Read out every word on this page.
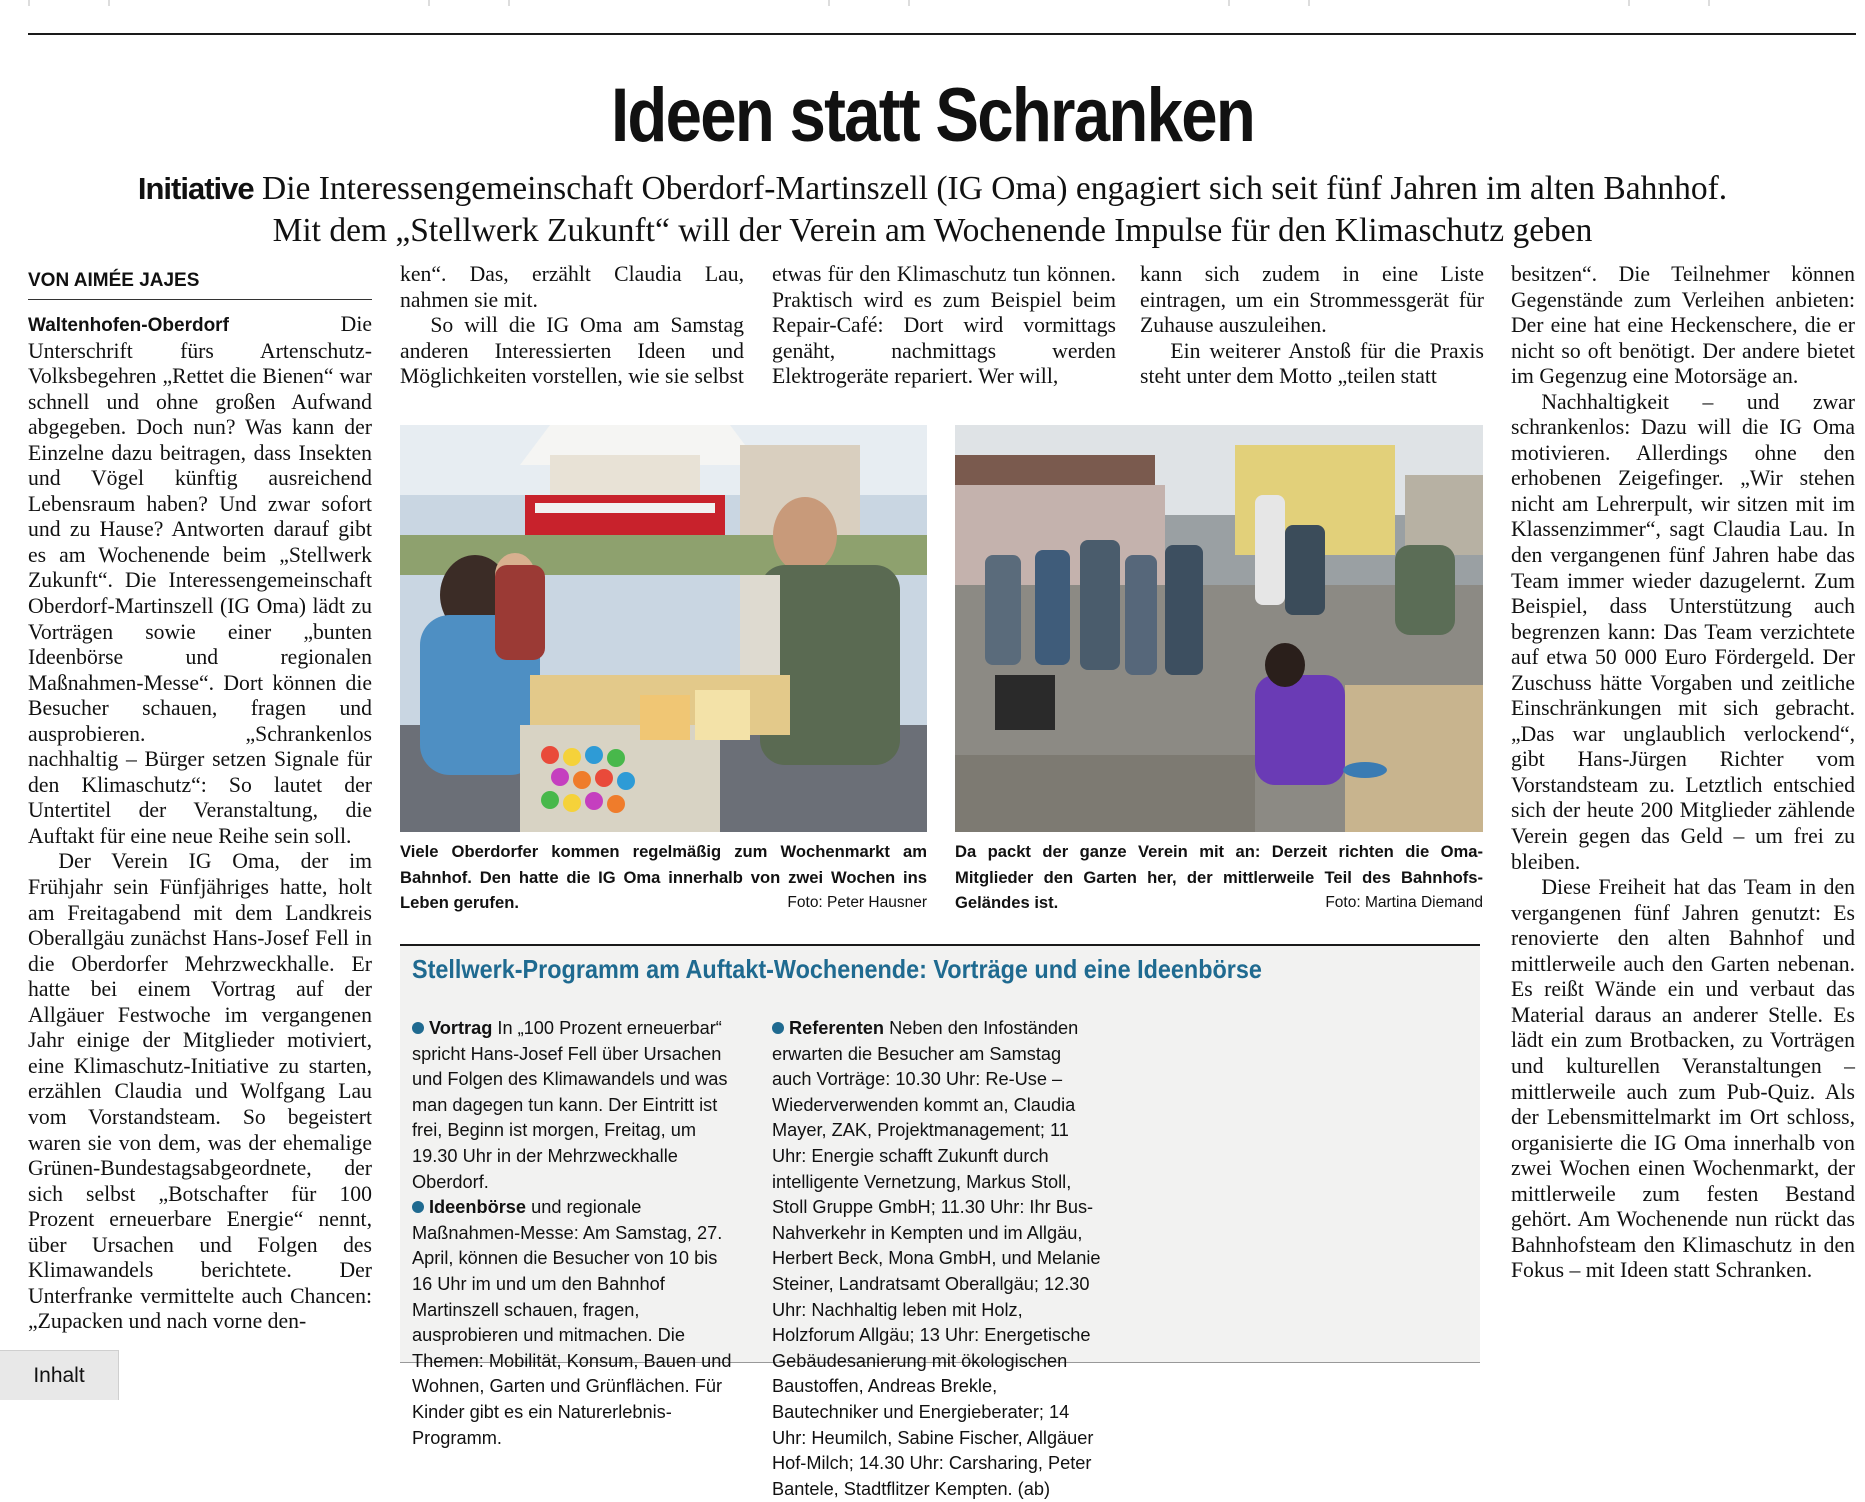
Ideen statt Schranken
Initiative Die Interessengemeinschaft Oberdorf-Martinszell (IG Oma) engagiert sich seit fünf Jahren im alten Bahnhof.
Mit dem „Stellwerk Zukunft“ will der Verein am Wochenende Impulse für den Klimaschutz geben
VON AIMÉE JAJES

Waltenhofen-Oberdorf	Die Unterschrift fürs Artenschutz-Volksbegehren „Rettet die Bienen“ war schnell und ohne großen Aufwand abgegeben. Doch nun? Was kann der Einzelne dazu beitragen, dass Insekten und Vögel künftig ausreichend Lebensraum haben? Und zwar sofort und zu Hause? Antworten darauf gibt es am Wochenende beim „Stellwerk Zukunft“. Die Interessengemeinschaft Oberdorf-Martinszell (IG Oma) lädt zu Vorträgen sowie einer „bunten Ideenbörse und regionalen Maßnahmen-Messe“. Dort können die Besucher schauen, fragen und ausprobieren. „Schrankenlos nachhaltig – Bürger setzen Signale für den Klimaschutz“: So lautet der Untertitel der Veranstaltung, die Auftakt für eine neue Reihe sein soll.

Der Verein IG Oma, der im Frühjahr sein Fünfjähriges hatte, holt am Freitagabend mit dem Landkreis Oberallgäu zunächst Hans-Josef Fell in die Oberdorfer Mehrzweckhalle. Er hatte bei einem Vortrag auf der Allgäuer Festwoche im vergangenen Jahr einige der Mitglieder motiviert, eine Klimaschutz-Initiative zu starten, erzählen Claudia und Wolfgang Lau vom Vorstandsteam. So begeistert waren sie von dem, was der ehemalige Grünen-Bundestagsabgeordnete, der sich selbst „Botschafter für 100 Prozent erneuerbare Energie“ nennt, über Ursachen und Folgen des Klimawandels berichtete. Der Unterfranke vermittelte auch Chancen: „Zupacken und nach vorne den-

ken“. Das, erzählt Claudia Lau, nahmen sie mit.

So will die IG Oma am Samstag anderen Interessierten Ideen und Möglichkeiten vorstellen, wie sie selbst

etwas für den Klimaschutz tun können. Praktisch wird es zum Beispiel beim Repair-Café: Dort wird vormittags genäht, nachmittags werden Elektrogeräte repariert. Wer will,

kann sich zudem in eine Liste eintragen, um ein Strommessgerät für Zuhause auszuleihen.

Ein weiterer Anstoß für die Praxis steht unter dem Motto „teilen statt

besitzen“. Die Teilnehmer können Gegenstände zum Verleihen anbieten: Der eine hat eine Heckenschere, die er nicht so oft benötigt. Der andere bietet im Gegenzug eine Motorsäge an.

Nachhaltigkeit – und zwar schrankenlos: Dazu will die IG Oma motivieren. Allerdings ohne den erhobenen Zeigefinger. „Wir stehen nicht am Lehrerpult, wir sitzen mit im Klassenzimmer“, sagt Claudia Lau. In den vergangenen fünf Jahren habe das Team immer wieder dazugelernt. Zum Beispiel, dass Unterstützung auch begrenzen kann: Das Team verzichtete auf etwa 50 000 Euro Fördergeld. Der Zuschuss hätte Vorgaben und zeitliche Einschränkungen mit sich gebracht. „Das war unglaublich verlockend“, gibt Hans-Jürgen Richter vom Vorstandsteam zu. Letztlich entschied sich der heute 200 Mitglieder zählende Verein gegen das Geld – um frei zu bleiben.

Diese Freiheit hat das Team in den vergangenen fünf Jahren genutzt: Es renovierte den alten Bahnhof und mittlerweile auch den Garten nebenan. Es reißt Wände ein und verbaut das Material daraus an anderer Stelle. Es lädt ein zum Brotbacken, zu Vorträgen und kulturellen Veranstaltungen – mittlerweile auch zum Pub-Quiz. Als der Lebensmittelmarkt im Ort schloss, organisierte die IG Oma innerhalb von zwei Wochen einen Wochenmarkt, der mittlerweile zum festen Bestand gehört. Am Wochenende nun rückt das Bahnhofsteam den Klimaschutz in den Fokus – mit Ideen statt Schranken.

Viele Oberdorfer kommen regelmäßig zum Wochenmarkt am Bahnhof. Den hatte die IG Oma innerhalb von zwei Wochen ins Leben gerufen.	Foto: Peter Hausner
Da packt der ganze Verein mit an: Derzeit richten die Oma-Mitglieder den Garten her, der mittlerweile Teil des Bahnhofs-Geländes ist.	Foto: Martina Diemand
Stellwerk-Programm am Auftakt-Wochenende: Vorträge und eine Ideenbörse
Vortrag In „100 Prozent erneuerbar“ spricht Hans-Josef Fell über Ursachen und Folgen des Klimawandels und was man dagegen tun kann. Der Eintritt ist frei, Beginn ist morgen, Freitag, um 19.30 Uhr in der Mehrzweckhalle Oberdorf.
Ideenbörse und regionale Maßnahmen-Messe: Am Samstag, 27. April, können die Besucher von 10 bis 16 Uhr im und um den Bahnhof Martinszell schauen, fragen, ausprobieren und mitmachen. Die Themen: Mobilität, Konsum, Bauen und Wohnen, Garten und Grünflächen. Für Kinder gibt es ein Naturerlebnis-Programm.
Referenten Neben den Infoständen erwarten die Besucher am Samstag auch Vorträge: 10.30 Uhr: Re-Use – Wiederverwenden kommt an, Claudia Mayer, ZAK, Projektmanagement; 11 Uhr: Energie schafft Zukunft durch intelligente Vernetzung, Markus Stoll, Stoll Gruppe GmbH; 11.30 Uhr: Ihr Bus-Nahverkehr in Kempten und im Allgäu, Herbert Beck, Mona GmbH, und Melanie Steiner, Landratsamt Oberallgäu; 12.30 Uhr: Nachhaltig leben mit Holz, Holzforum Allgäu; 13 Uhr: Energetische Gebäudesanierung mit ökologischen Baustoffen, Andreas Brekle, Bautechniker und Energieberater; 14 Uhr: Heumilch, Sabine Fischer, Allgäuer Hof-Milch; 14.30 Uhr: Carsharing, Peter Bantele, Stadtflitzer Kempten. (ab)
Inhalt
